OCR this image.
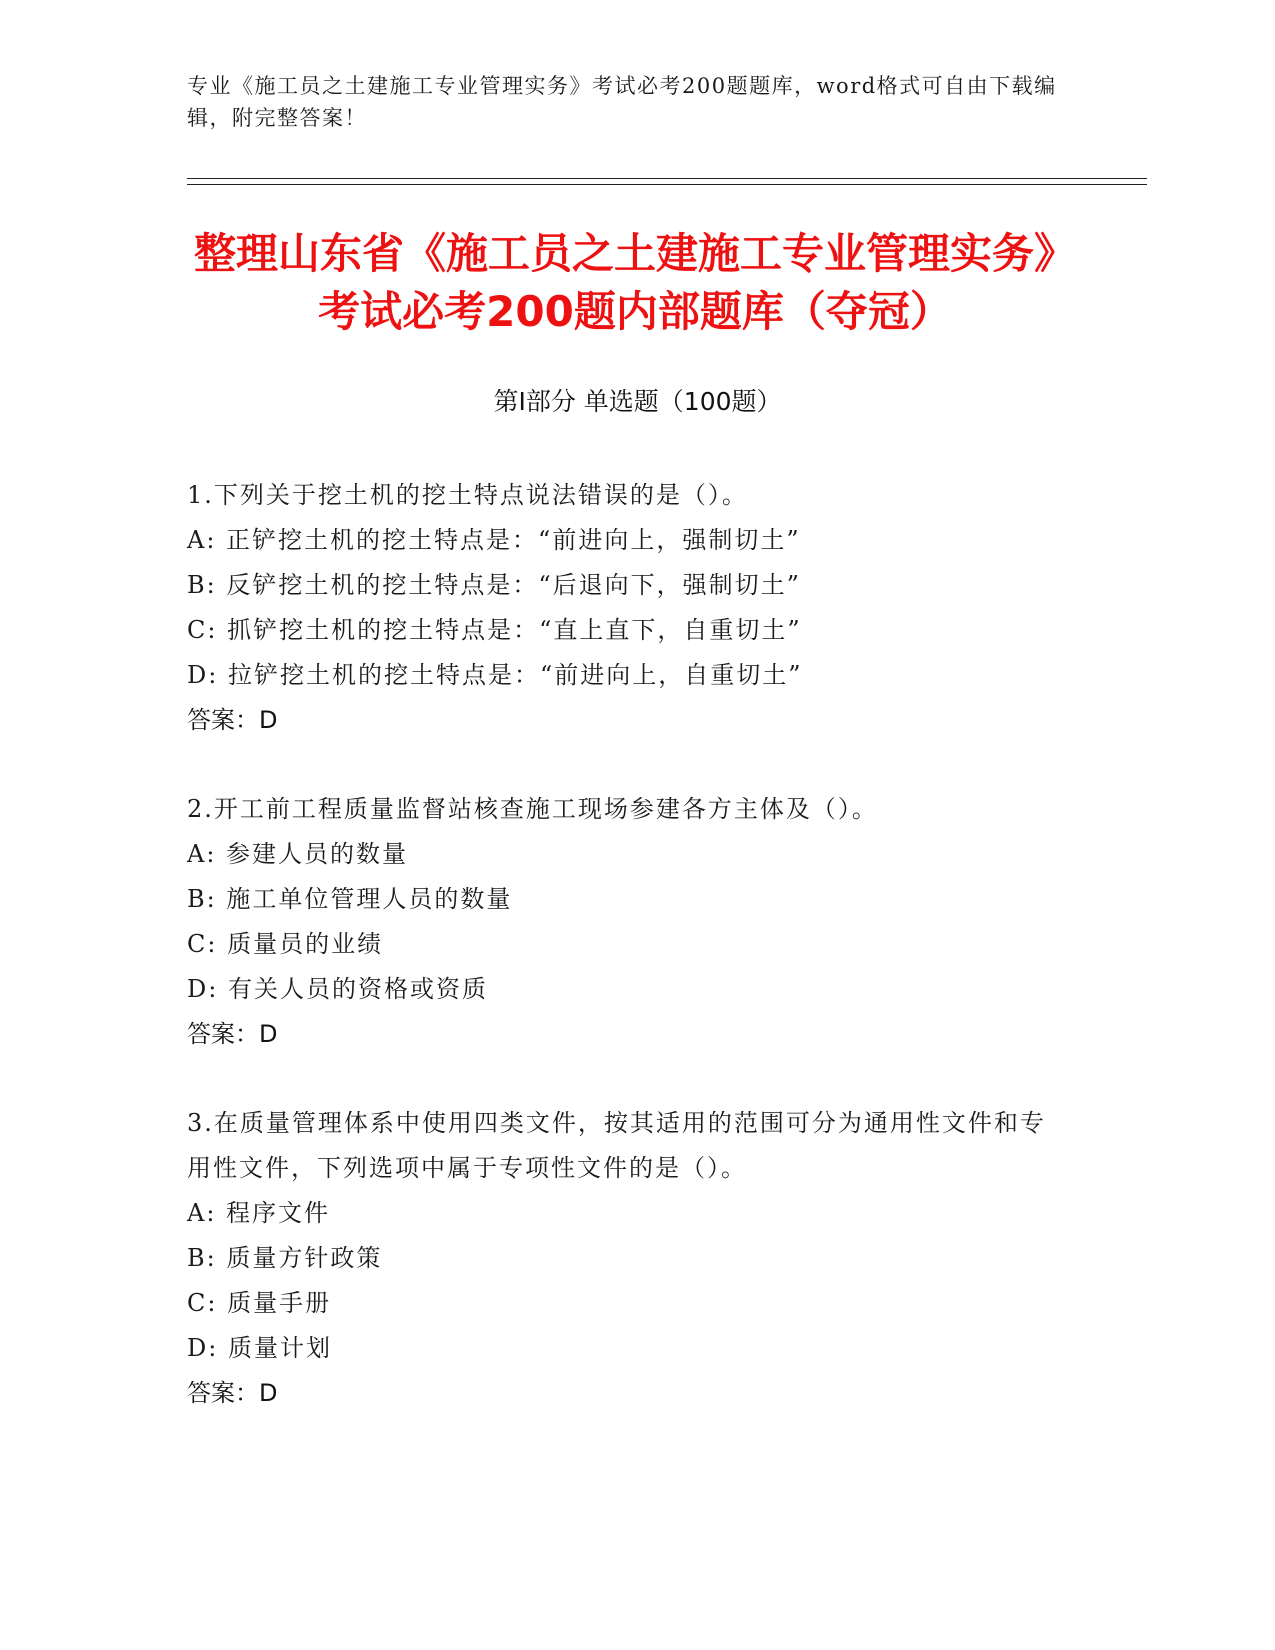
专业《施工员之土建施工专业管理实务》考试必考200题题库，word格式可自由下载编辑，附完整答案！
整理山东省《施工员之土建施工专业管理实务》考试必考200题内部题库（夺冠）
第I部分 单选题（100题）
1.下列关于挖土机的挖土特点说法错误的是（）。
A: 正铲挖土机的挖土特点是：“前进向上，强制切土”
B: 反铲挖土机的挖土特点是：“后退向下，强制切土”
C: 抓铲挖土机的挖土特点是：“直上直下，自重切土”
D: 拉铲挖土机的挖土特点是：“前进向上，自重切土”
答案：D
2.开工前工程质量监督站核查施工现场参建各方主体及（）。
A: 参建人员的数量
B: 施工单位管理人员的数量
C: 质量员的业绩
D: 有关人员的资格或资质
答案：D
3.在质量管理体系中使用四类文件，按其适用的范围可分为通用性文件和专用性文件，下列选项中属于专项性文件的是（）。
A: 程序文件
B: 质量方针政策
C: 质量手册
D: 质量计划
答案：D
